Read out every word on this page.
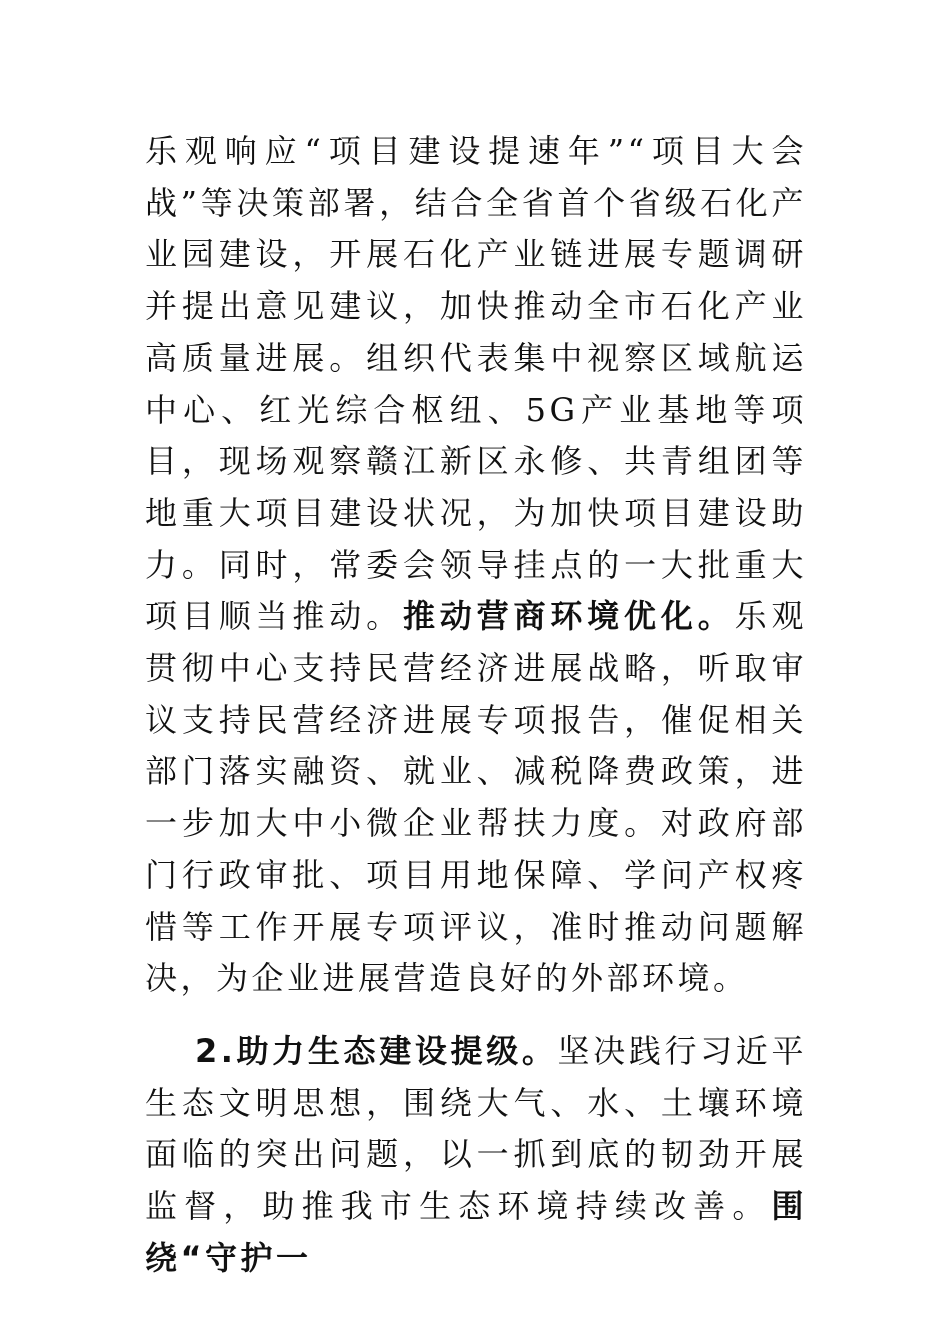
乐观响应“项目建设提速年”“项目大会战”等决策部署，结合全省首个省级石化产业园建设，开展石化产业链进展专题调研并提出意见建议，加快推动全市石化产业高质量进展。组织代表集中视察区域航运中心、红光综合枢纽、5G产业基地等项目，现场观察赣江新区永修、共青组团等地重大项目建设状况，为加快项目建设助力。同时，常委会领导挂点的一大批重大项目顺当推动。推动营商环境优化。乐观贯彻中心支持民营经济进展战略，听取审议支持民营经济进展专项报告，催促相关部门落实融资、就业、减税降费政策，进一步加大中小微企业帮扶力度。对政府部门行政审批、项目用地保障、学问产权疼惜等工作开展专项评议，准时推动问题解决，为企业进展营造良好的外部环境。

2.助力生态建设提级。坚决践行习近平生态文明思想，围绕大气、水、土壤环境面临的突出问题，以一抓到底的韧劲开展监督，助推我市生态环境持续改善。围绕“守护一
